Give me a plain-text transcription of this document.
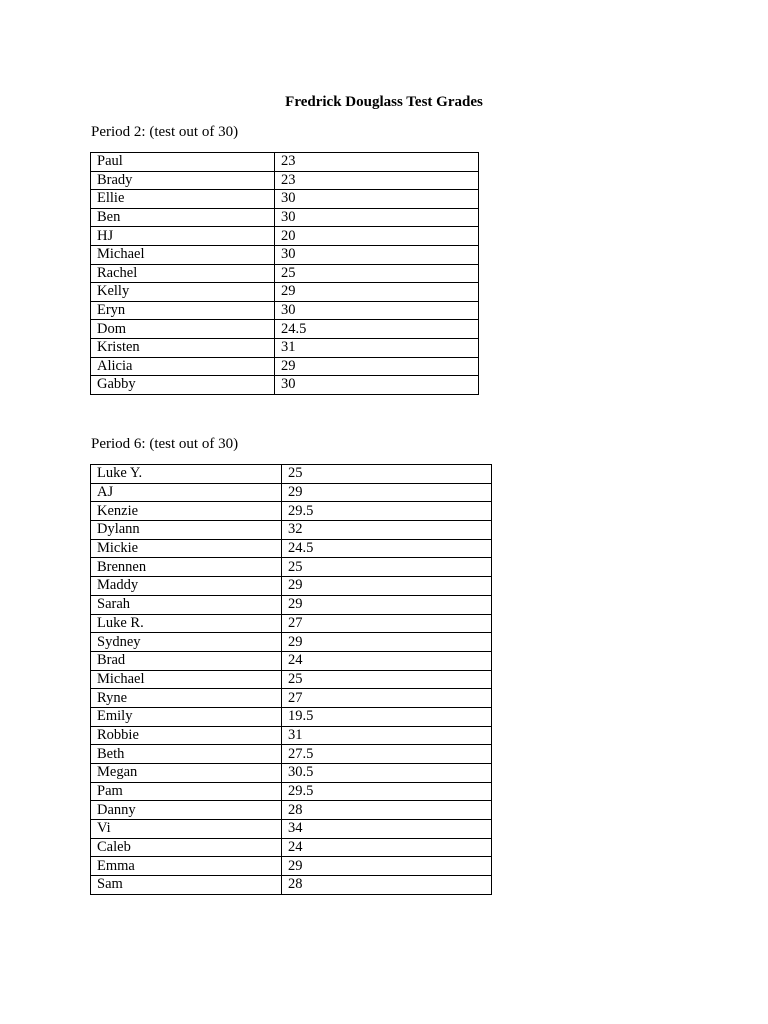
Fredrick Douglass Test Grades
Period 2: (test out of 30)
Paul	23
Brady	23
Ellie	30
Ben	30
HJ	20
Michael	30
Rachel	25
Kelly	29
Eryn	30
Dom	24.5
Kristen	31
Alicia	29
Gabby	30
Period 6: (test out of 30)
Luke Y.	25
AJ	29
Kenzie	29.5
Dylann	32
Mickie	24.5
Brennen	25
Maddy	29
Sarah	29
Luke R.	27
Sydney	29
Brad	24
Michael	25
Ryne	27
Emily	19.5
Robbie	31
Beth	27.5
Megan	30.5
Pam	29.5
Danny	28
Vi	34
Caleb	24
Emma	29
Sam	28
